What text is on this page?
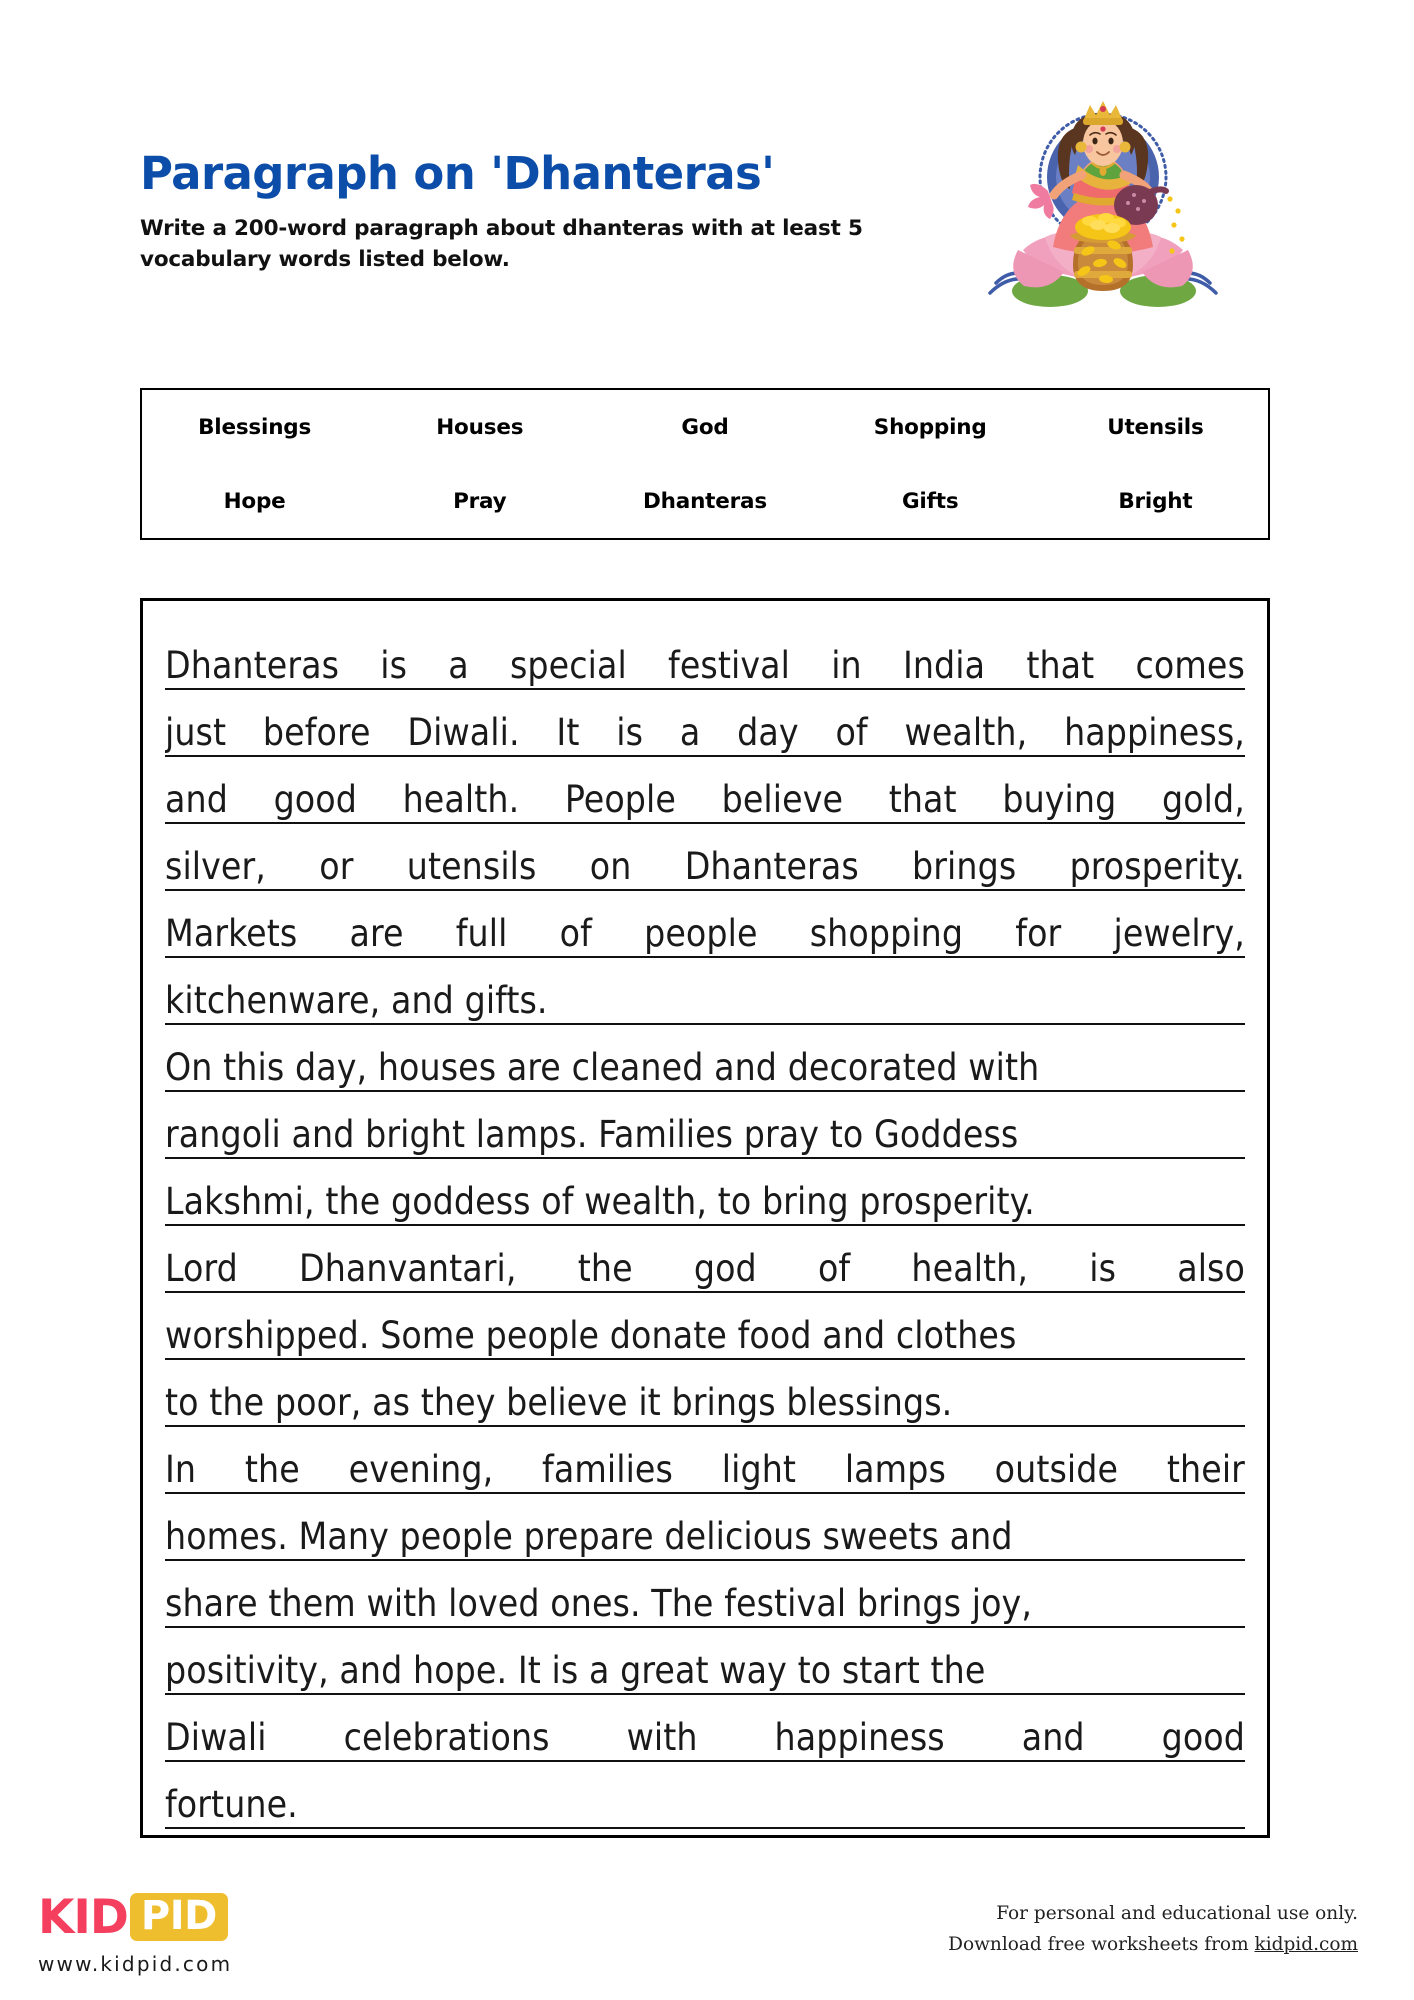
Paragraph on 'Dhanteras'
Write a 200-word paragraph about dhanteras with at least 5 vocabulary words listed below.
Blessings	Houses	God	Shopping	Utensils
Hope	Pray	Dhanteras	Gifts	Bright
Dhanteras is a special festival in India that comes
just before Diwali. It is a day of wealth, happiness,
and good health. People believe that buying gold,
silver, or utensils on Dhanteras brings prosperity.
Markets are full of people shopping for jewelry,
kitchenware, and gifts.
On this day, houses are cleaned and decorated with
rangoli and bright lamps. Families pray to Goddess
Lakshmi, the goddess of wealth, to bring prosperity.
Lord Dhanvantari, the god of health, is also
worshipped. Some people donate food and clothes
to the poor, as they believe it brings blessings.
In the evening, families light lamps outside their
homes. Many people prepare delicious sweets and
share them with loved ones. The festival brings joy,
positivity, and hope. It is a great way to start the
Diwali celebrations with happiness and good
fortune.
KID PID
www.kidpid.com
For personal and educational use only.
Download free worksheets from kidpid.com
